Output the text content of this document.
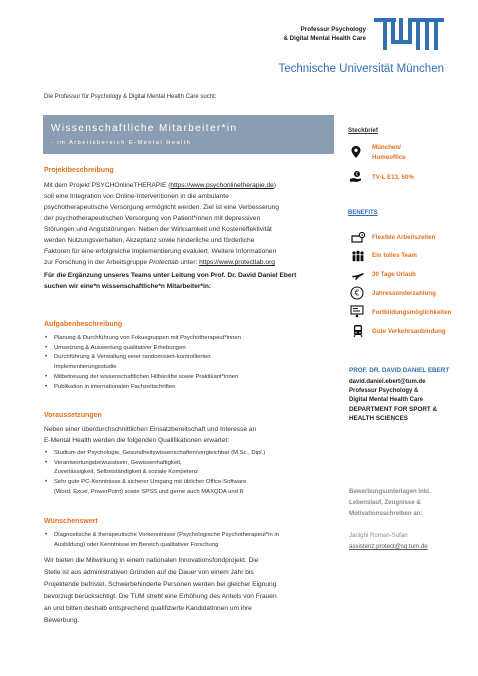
Professur Psychology
& Digital Mental Health Care
Technische Universität München
Die Professur für Psychology & Digital Mental Health Care sucht:
Wissenschaftliche Mitarbeiter*in
- im Arbeitsbereich E-Mental Health
Projektbeschreibung
Mit dem Projekt PSYCHOnlineTHERAPIE (https://www.psychonlinetherapie.de)
soll eine Integration von Online-Interventionen in die ambulante
psychotherapeutische Versorgung ermöglicht werden. Ziel ist eine Verbesserung
der psychotherapeutischen Versorgung von Patient*innen mit depressiven
Störungen und Angststörungen. Neben der Wirksamkeit und Kosteneffektivität
werden Nutzungsverhalten, Akzeptanz sowie hinderliche und förderliche
Faktoren für eine erfolgreiche Implementierung evaluiert. Weitere Informationen
zur Forschung in der Arbeitsgruppe Protectlab unter: https://www.protectlab.org
Für die Ergänzung unseres Teams unter Leitung von Prof. Dr. David Daniel Ebert
suchen wir eine*n wissenschaftliche*n Mitarbeiter*in:
Aufgabenbeschreibung
• Planung & Durchführung von Fokusgruppen mit Psychotherapeut*innen
• Umsetzung & Auswertung qualitativer Erhebungen
• Durchführung & Verwaltung einer randomisiert-kontrollierten
Implementierungsstudie
• Mitbetreuung der wissenschaftlichen Hilfskräfte sowie Praktikant*innen
• Publikation in internationalen Fachzeitschriften
Voraussetzungen
Neben einer überdurchschnittlichen Einsatzbereitschaft und Interesse an
E-Mental Health werden die folgenden Qualifikationen erwartet:
• Studium der Psychologie, Gesundheitswissenschaften/vergleichbar (M.Sc., Dipl.)
• Verantwortungsbewusstsein, Gewissenhaftigkeit,
Zuverlässigkeit, Selbstständigkeit & soziale Kompetenz
• Sehr gute PC-Kenntnisse & sicherer Umgang mit üblicher Office-Software
(Word, Excel, PowerPoint) sowie SPSS und gerne auch MAXQDA und R
Wünschenswert
• Diagnostische & therapeutische Vorkenntnisse (Psychologische Psychotherapeut*in in
Ausbildung) oder Kenntnisse im Bereich qualitativer Forschung
Wir bieten die Mitwirkung in einem nationalen Innovationsfondprojekt. Die
Stelle ist aus administrativen Gründen auf die Dauer von einem Jahr bis
Projektende befristet. Schwerbehinderte Personen werden bei gleicher Eignung
bevorzugt berücksichtigt. Die TUM strebt eine Erhöhung des Anteils von Frauen
an und bitten deshalb entsprechend qualifizierte Kandidatinnen um ihre
Bewerbung.
Steckbrief
München/
Homeoffice
€ TV-L E13, 50%
BENEFITS
Flexible Arbeitszeiten
Ein tolles Team
30 Tage Urlaub
€ Jahressonderzahlung
Fortbildungsmöglichkeiten
Gute Verkehrsanbindung
PROF. DR. DAVID DANIEL EBERT
david.daniel.ebert@tum.de
Professur Psychology &
Digital Mental Health Care
DEPARTMENT FOR SPORT &
HEALTH SCIENCES
Bewerbungsunterlagen inkl.
Lebenslauf, Zeugnisse &
Motivationsschreiben an:
Janighi Roman-Sufan
assistenz.protect@sg.tum.de
